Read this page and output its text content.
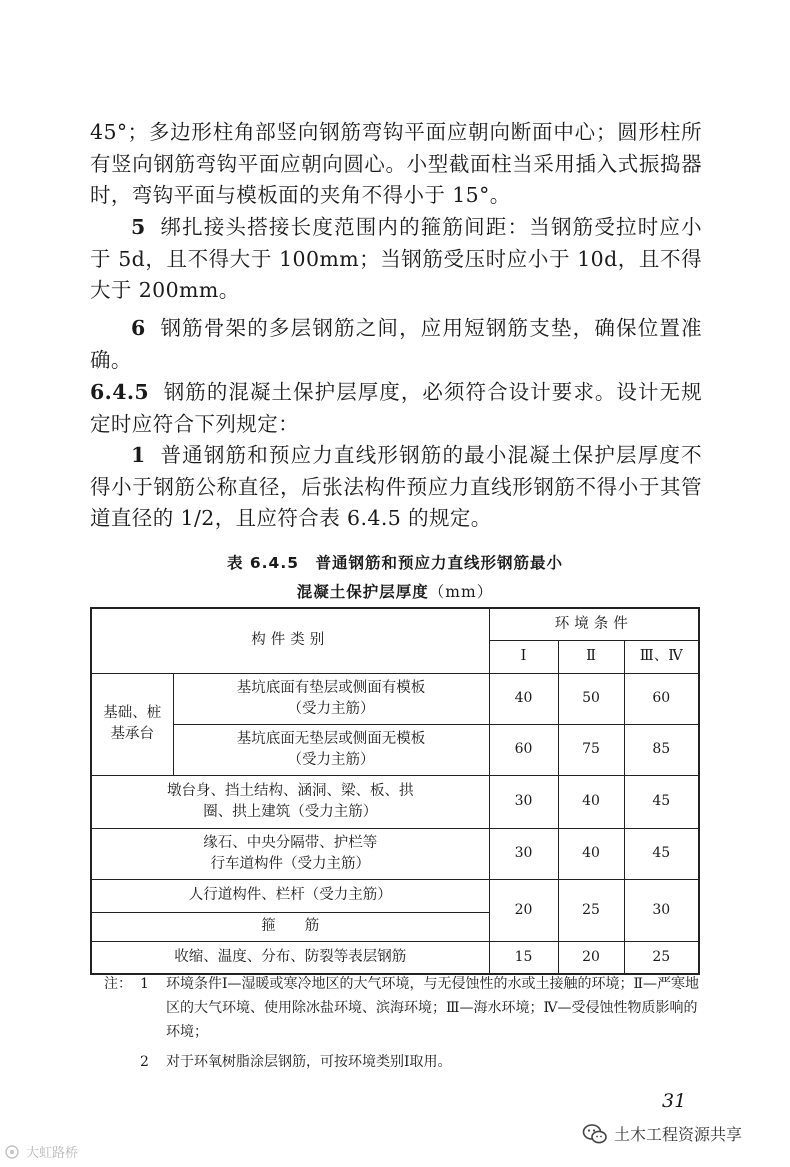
45°；多边形柱角部竖向钢筋弯钩平面应朝向断面中心；圆形柱所有竖向钢筋弯钩平面应朝向圆心。小型截面柱当采用插入式振捣器时，弯钩平面与模板面的夹角不得小于 15°。

5 绑扎接头搭接长度范围内的箍筋间距：当钢筋受拉时应小于 5d，且不得大于 100mm；当钢筋受压时应小于 10d，且不得大于 200mm。

6 钢筋骨架的多层钢筋之间，应用短钢筋支垫，确保位置准确。

6.4.5 钢筋的混凝土保护层厚度，必须符合设计要求。设计无规定时应符合下列规定：

1 普通钢筋和预应力直线形钢筋的最小混凝土保护层厚度不得小于钢筋公称直径，后张法构件预应力直线形钢筋不得小于其管道直径的 1/2，且应符合表 6.4.5 的规定。

表 6.4.5　普通钢筋和预应力直线形钢筋最小
混凝土保护层厚度（mm）
构件类别		环境条件		
		Ⅰ	Ⅱ	Ⅲ、Ⅳ
基础、桩基承台	基坑底面有垫层或侧面有模板（受力主筋）	40	50	60
	基坑底面无垫层或侧面无模板（受力主筋）	60	75	85
墩台身、挡土结构、涵洞、梁、板、拱圈、拱上建筑（受力主筋）		30	40	45
缘石、中央分隔带、护栏等行车道构件（受力主筋）		30	40	45
人行道构件、栏杆（受力主筋）		20	25	30
箍　　筋				
收缩、温度、分布、防裂等表层钢筋		15	20	25
注： 1	环境条件Ⅰ—湿暖或寒冷地区的大气环境，与无侵蚀性的水或土接触的环境；Ⅱ—严寒地区的大气环境、使用除冰盐环境、滨海环境；Ⅲ—海水环境；Ⅳ—受侵蚀性物质影响的环境；
2	对于环氧树脂涂层钢筋，可按环境类别Ⅰ取用。
31
大虹路桥
土木工程资源共享
